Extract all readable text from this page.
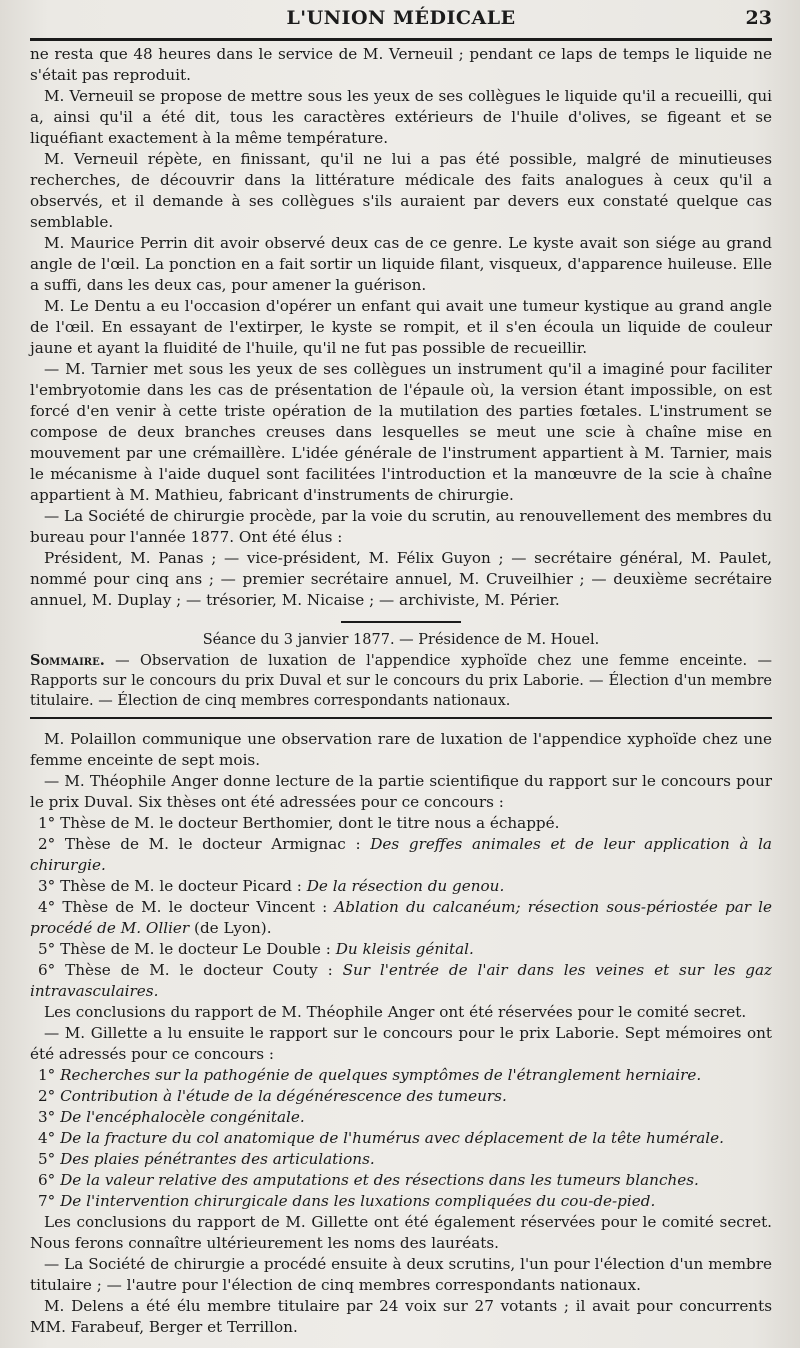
L'UNION MÉDICALE	23

ne resta que 48 heures dans le service de M. Verneuil ; pendant ce laps de temps le liquide ne s'était pas reproduit.

M. Verneuil se propose de mettre sous les yeux de ses collègues le liquide qu'il a recueilli, qui a, ainsi qu'il a été dit, tous les caractères extérieurs de l'huile d'olives, se figeant et se liquéfiant exactement à la même température.

M. Verneuil répète, en finissant, qu'il ne lui a pas été possible, malgré de minutieuses recherches, de découvrir dans la littérature médicale des faits analogues à ceux qu'il a observés, et il demande à ses collègues s'ils auraient par devers eux constaté quelque cas semblable.

M. Maurice Perrin dit avoir observé deux cas de ce genre. Le kyste avait son siége au grand angle de l'œil. La ponction en a fait sortir un liquide filant, visqueux, d'apparence huileuse. Elle a suffi, dans les deux cas, pour amener la guérison.

M. Le Dentu a eu l'occasion d'opérer un enfant qui avait une tumeur kystique au grand angle de l'œil. En essayant de l'extirper, le kyste se rompit, et il s'en écoula un liquide de couleur jaune et ayant la fluidité de l'huile, qu'il ne fut pas possible de recueillir.

— M. Tarnier met sous les yeux de ses collègues un instrument qu'il a imaginé pour faciliter l'embryotomie dans les cas de présentation de l'épaule où, la version étant impossible, on est forcé d'en venir à cette triste opération de la mutilation des parties fœtales. L'instrument se compose de deux branches creuses dans lesquelles se meut une scie à chaîne mise en mouvement par une crémaillère. L'idée générale de l'instrument appartient à M. Tarnier, mais le mécanisme à l'aide duquel sont facilitées l'introduction et la manœuvre de la scie à chaîne appartient à M. Mathieu, fabricant d'instruments de chirurgie.

— La Société de chirurgie procède, par la voie du scrutin, au renouvellement des membres du bureau pour l'année 1877. Ont été élus :

Président, M. Panas ; — vice-président, M. Félix Guyon ; — secrétaire général, M. Paulet, nommé pour cinq ans ; — premier secrétaire annuel, M. Cruveilhier ; — deuxième secrétaire annuel, M. Duplay ; — trésorier, M. Nicaise ; — archiviste, M. Périer.

Séance du 3 janvier 1877. — Présidence de M. Houel.

Sommaire. — Observation de luxation de l'appendice xyphoïde chez une femme enceinte. — Rapports sur le concours du prix Duval et sur le concours du prix Laborie. — Élection d'un membre titulaire. — Élection de cinq membres correspondants nationaux.

M. Polaillon communique une observation rare de luxation de l'appendice xyphoïde chez une femme enceinte de sept mois.

— M. Théophile Anger donne lecture de la partie scientifique du rapport sur le concours pour le prix Duval. Six thèses ont été adressées pour ce concours :

1° Thèse de M. le docteur Berthomier, dont le titre nous a échappé.

2° Thèse de M. le docteur Armignac : Des greffes animales et de leur application à la chirurgie.

3° Thèse de M. le docteur Picard : De la résection du genou.

4° Thèse de M. le docteur Vincent : Ablation du calcanéum; résection sous-périostée par le procédé de M. Ollier (de Lyon).

5° Thèse de M. le docteur Le Double : Du kleisis génital.

6° Thèse de M. le docteur Couty : Sur l'entrée de l'air dans les veines et sur les gaz intravasculaires.

Les conclusions du rapport de M. Théophile Anger ont été réservées pour le comité secret.

— M. Gillette a lu ensuite le rapport sur le concours pour le prix Laborie. Sept mémoires ont été adressés pour ce concours :

1° Recherches sur la pathogénie de quelques symptômes de l'étranglement herniaire.

2° Contribution à l'étude de la dégénérescence des tumeurs.

3° De l'encéphalocèle congénitale.

4° De la fracture du col anatomique de l'humérus avec déplacement de la tête humérale.

5° Des plaies pénétrantes des articulations.

6° De la valeur relative des amputations et des résections dans les tumeurs blanches.

7° De l'intervention chirurgicale dans les luxations compliquées du cou-de-pied.

Les conclusions du rapport de M. Gillette ont été également réservées pour le comité secret. Nous ferons connaître ultérieurement les noms des lauréats.

— La Société de chirurgie a procédé ensuite à deux scrutins, l'un pour l'élection d'un membre titulaire ; — l'autre pour l'élection de cinq membres correspondants nationaux.

M. Delens a été élu membre titulaire par 24 voix sur 27 votants ; il avait pour concurrents MM. Farabeuf, Berger et Terrillon.
